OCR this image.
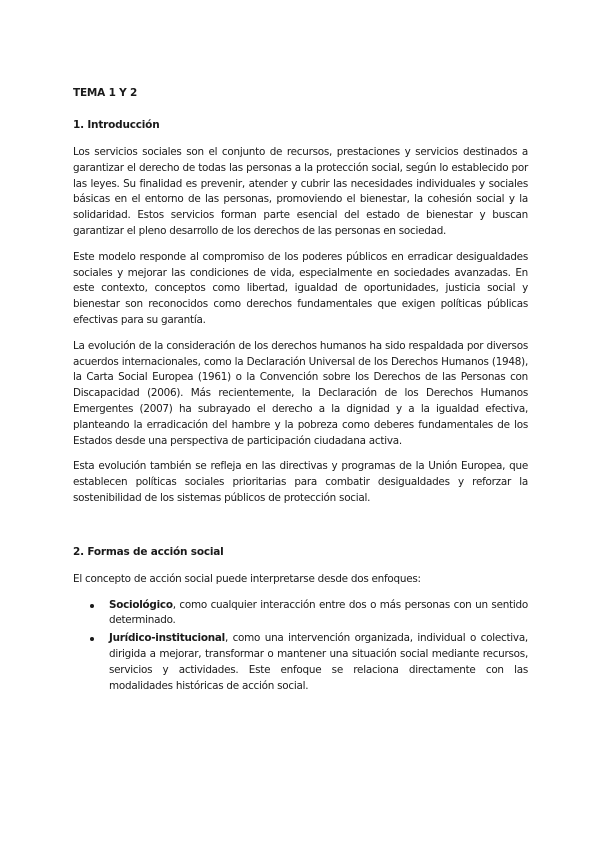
TEMA 1 Y 2
1. Introducción

Los servicios sociales son el conjunto de recursos, prestaciones y servicios destinados a garantizar el derecho de todas las personas a la protección social, según lo establecido por las leyes. Su finalidad es prevenir, atender y cubrir las necesidades individuales y sociales básicas en el entorno de las personas, promoviendo el bienestar, la cohesión social y la solidaridad. Estos servicios forman parte esencial del estado de bienestar y buscan garantizar el pleno desarrollo de los derechos de las personas en sociedad.

Este modelo responde al compromiso de los poderes públicos en erradicar desigualdades sociales y mejorar las condiciones de vida, especialmente en sociedades avanzadas. En este contexto, conceptos como libertad, igualdad de oportunidades, justicia social y bienestar son reconocidos como derechos fundamentales que exigen políticas públicas efectivas para su garantía.

La evolución de la consideración de los derechos humanos ha sido respaldada por diversos acuerdos internacionales, como la Declaración Universal de los Derechos Humanos (1948), la Carta Social Europea (1961) o la Convención sobre los Derechos de las Personas con Discapacidad (2006). Más recientemente, la Declaración de los Derechos Humanos Emergentes (2007) ha subrayado el derecho a la dignidad y a la igualdad efectiva, planteando la erradicación del hambre y la pobreza como deberes fundamentales de los Estados desde una perspectiva de participación ciudadana activa.

Esta evolución también se refleja en las directivas y programas de la Unión Europea, que establecen políticas sociales prioritarias para combatir desigualdades y reforzar la sostenibilidad de los sistemas públicos de protección social.

2. Formas de acción social

El concepto de acción social puede interpretarse desde dos enfoques:

Sociológico, como cualquier interacción entre dos o más personas con un sentido determinado.
Jurídico-institucional, como una intervención organizada, individual o colectiva, dirigida a mejorar, transformar o mantener una situación social mediante recursos, servicios y actividades. Este enfoque se relaciona directamente con las modalidades históricas de acción social.
